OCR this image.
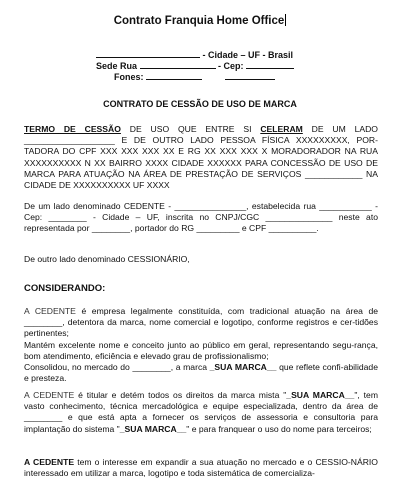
Contrato Franquia Home Office
- Cidade – UF - Brasil
Sede Rua	- Cep:
Fones:
CONTRATO DE CESSÃO DE USO DE MARCA
TERMO DE CESSÃO DE USO QUE ENTRE SI CELERAM DE UM LADO ___________________ E DE OUTRO LADO PESSOA FÍSICA XXXXXXXXX, POR-TADORA DO CPF XXX XXX XXX XX E RG XX XXX XXX X MORADORADOR NA RUA XXXXXXXXXX N XX BAIRRO XXXX CIDADE XXXXXX PARA CONCESSÃO DE USO DE MARCA PARA ATUAÇÃO NA ÁREA DE PRESTAÇÃO DE SERVIÇOS ____________ NA CIDADE DE XXXXXXXXXX UF XXXX
De um lado denominado CEDENTE - _______________, estabelecida rua ___________ - Cep: ________ - Cidade – UF, inscrita no CNPJ/CGC ______________ neste ato representada por ________, portador do RG _________ e CPF __________.
De outro lado denominado CESSIONÁRIO,
CONSIDERANDO:
A CEDENTE é empresa legalmente constituída, com tradicional atuação na área de ________, detentora da marca, nome comercial e logotipo, conforme registros e cer-tidões pertinentes;
Mantém excelente nome e conceito junto ao público em geral, representando segu-rança, bom atendimento, eficiência e elevado grau de profissionalismo;
Consolidou, no mercado do ________, a marca _SUA MARCA__ que reflete confi-abilidade e presteza.
A CEDENTE é titular e detém todos os direitos da marca mista "_SUA MARCA__", tem vasto conhecimento, técnica mercadológica e equipe especializada, dentro da área de ________ e que está apta a fornecer os serviços de assessoria e consultoria para implantação do sistema "_SUA MARCA__" e para franquear o uso do nome para terceiros;
A CEDENTE tem o interesse em expandir a sua atuação no mercado e o CESSIO-NÁRIO interessado em utilizar a marca, logotipo e toda sistemática de comercializa-
